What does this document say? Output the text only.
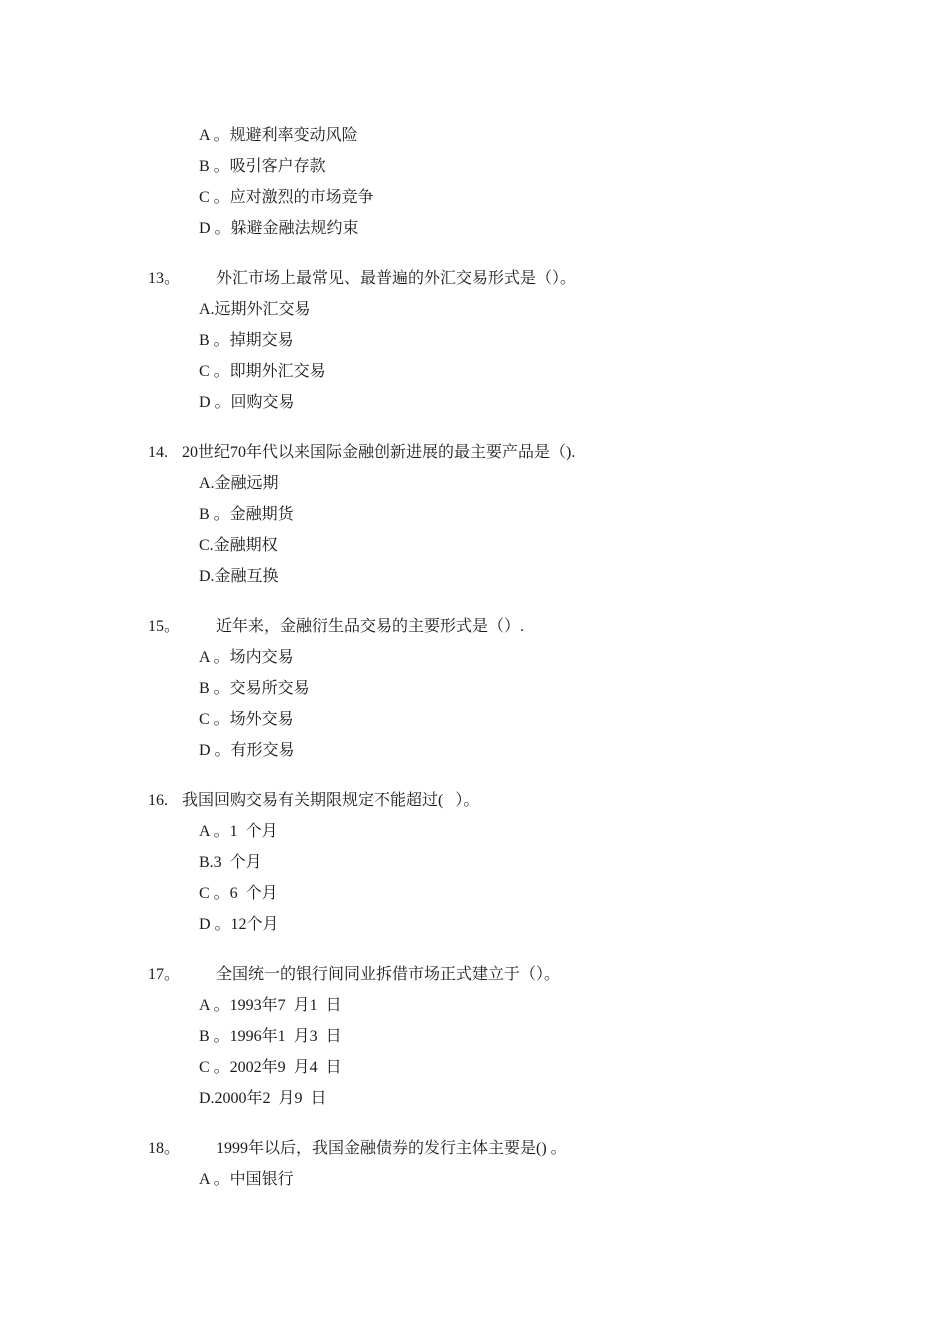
A 。规避利率变动风险
B 。吸引客户存款
C 。应对激烈的市场竞争
D 。躲避金融法规约束
13。 外汇市场上最常见、最普遍的外汇交易形式是（）。
A.远期外汇交易
B 。掉期交易
C 。即期外汇交易
D 。回购交易
14. 20世纪70年代以来国际金融创新进展的最主要产品是（).
A.金融远期
B 。金融期货
C.金融期权
D.金融互换
15。 近年来，金融衍生品交易的主要形式是（）.
A 。场内交易
B 。交易所交易
C 。场外交易
D 。有形交易
16. 我国回购交易有关期限规定不能超过(   ）。
A 。1  个月
B.3  个月
C 。6  个月
D 。12个月
17。 全国统一的银行间同业拆借市场正式建立于（）。
A 。1993年7  月1  日
B 。1996年1  月3  日
C 。2002年9  月4  日
D.2000年2  月9  日
18。 1999年以后，我国金融债券的发行主体主要是() 。
A 。中国银行
